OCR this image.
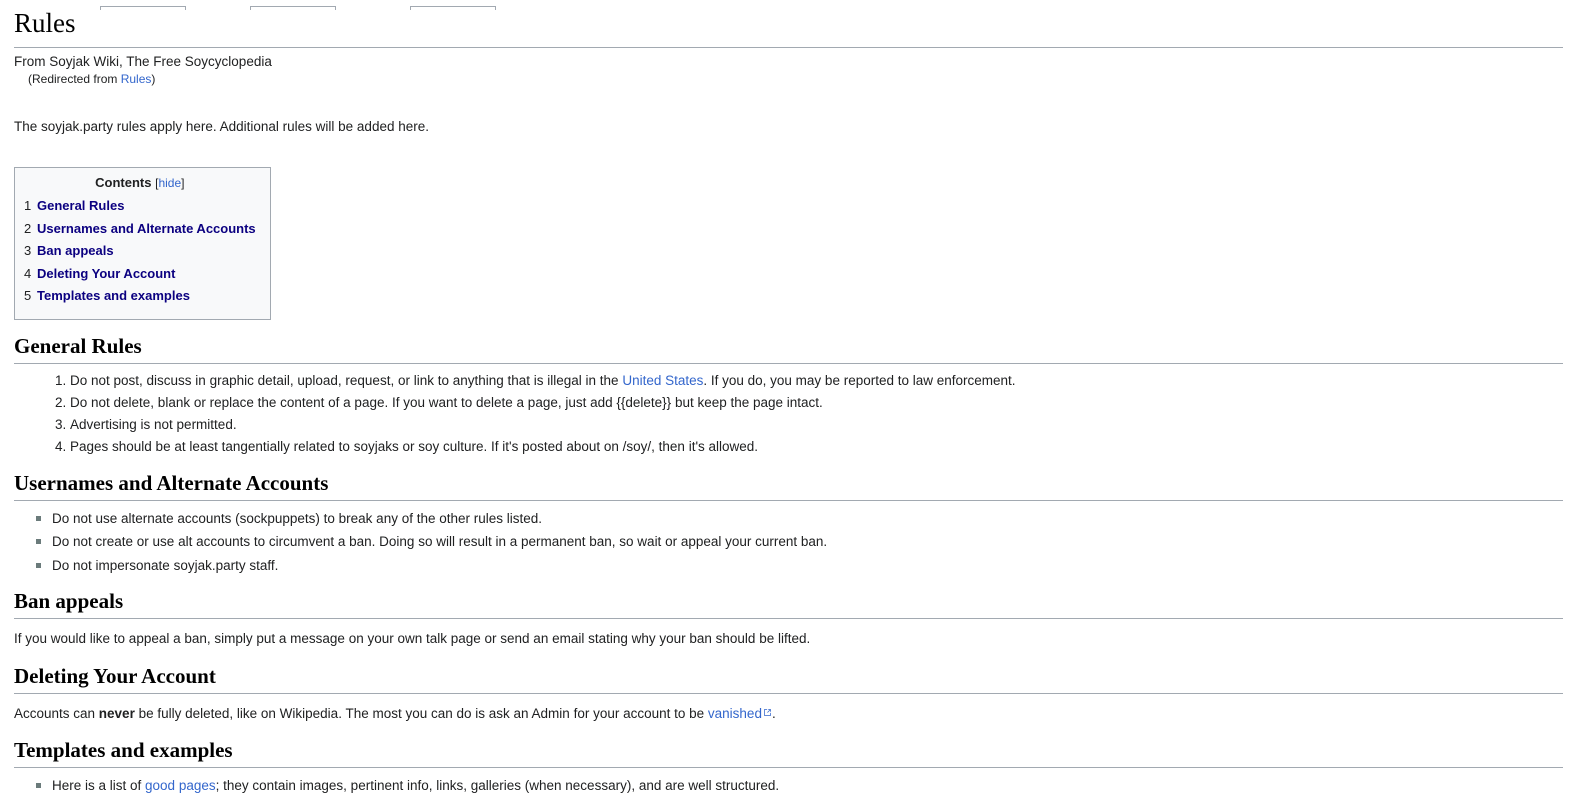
Rules
From Soyjak Wiki, The Free Soycyclopedia
(Redirected from Rules)

The soyjak.party rules apply here. Additional rules will be added here.

Contents [hide]
1 General Rules
2 Usernames and Alternate Accounts
3 Ban appeals
4 Deleting Your Account
5 Templates and examples
General Rules
1. Do not post, discuss in graphic detail, upload, request, or link to anything that is illegal in the United States. If you do, you may be reported to law enforcement.
2. Do not delete, blank or replace the content of a page. If you want to delete a page, just add {{delete}} but keep the page intact.
3. Advertising is not permitted.
4. Pages should be at least tangentially related to soyjaks or soy culture. If it's posted about on /soy/, then it's allowed.
Usernames and Alternate Accounts
Do not use alternate accounts (sockpuppets) to break any of the other rules listed.
Do not create or use alt accounts to circumvent a ban. Doing so will result in a permanent ban, so wait or appeal your current ban.
Do not impersonate soyjak.party staff.
Ban appeals

If you would like to appeal a ban, simply put a message on your own talk page or send an email stating why your ban should be lifted.

Deleting Your Account

Accounts can never be fully deleted, like on Wikipedia. The most you can do is ask an Admin for your account to be vanished .

Templates and examples
Here is a list of good pages; they contain images, pertinent info, links, galleries (when necessary), and are well structured.
